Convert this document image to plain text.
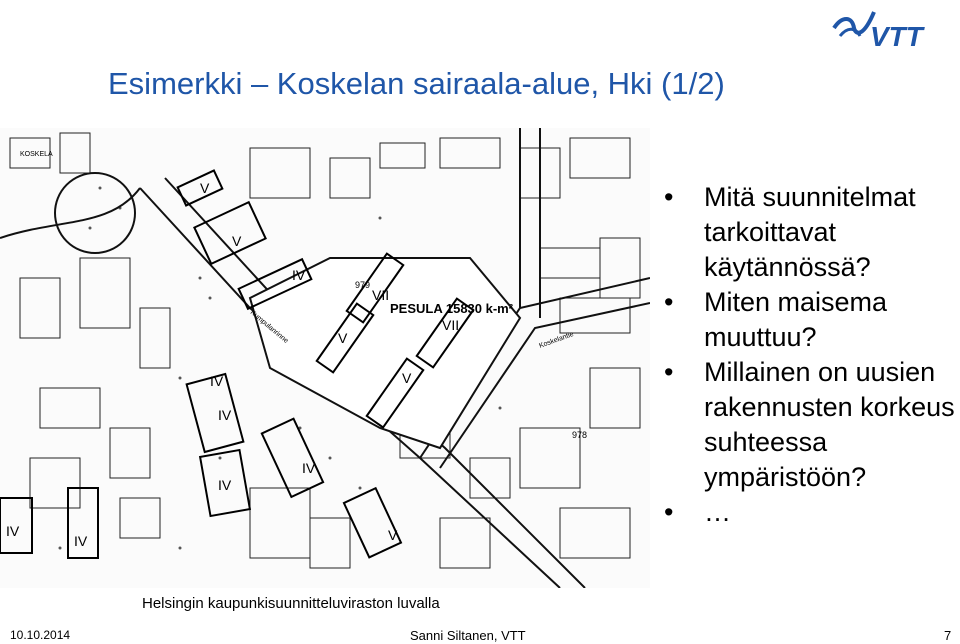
VTT
Esimerkki – Koskelan sairaala-alue, Hki (1/2)
V
V
VII
VII
V
V
IV
IV
IV
IV
IV
IV
V
IV
PESULA 15830 k-m²
979
978
KOSKELA
Kumpulanrinne	Koskelantie
• Mitä suunnitelmat tarkoittavat käytännössä?
• Miten maisema muuttuu?
• Millainen on uusien rakennusten korkeus suhteessa ympäristöön?
• …
Helsingin kaupunkisuunnitteluviraston luvalla
10.10.2014	Sanni Siltanen, VTT	7
